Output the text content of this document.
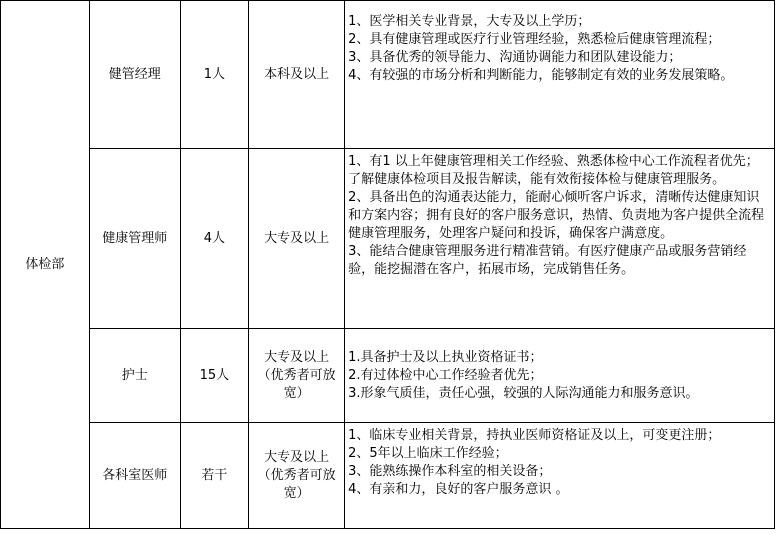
体检部	健管经理	1人	本科及以上	1、医学相关专业背景，大专及以上学历；
2、具有健康管理或医疗行业管理经验，熟悉检后健康管理流程；
3、具备优秀的领导能力、沟通协调能力和团队建设能力；
4、有较强的市场分析和判断能力，能够制定有效的业务发展策略。

	健康管理师	4人	大专及以上	1、有1 以上年健康管理相关工作经验、熟悉体检中心工作流程者优先；了解健康体检项目及报告解读，能有效衔接体检与健康管理服务。
2、具备出色的沟通表达能力，能耐心倾听客户诉求，清晰传达健康知识和方案内容；拥有良好的客户服务意识，热情、负责地为客户提供全流程健康管理服务，处理客户疑问和投诉，确保客户满意度。
3、能结合健康管理服务进行精准营销。有医疗健康产品或服务营销经验，能挖掘潜在客户，拓展市场，完成销售任务。

	护士	15人	大专及以上（优秀者可放宽）	1.具备护士及以上执业资格证书；
2.有过体检中心工作经验者优先；
3.形象气质佳，责任心强，较强的人际沟通能力和服务意识。

	各科室医师	若干	大专及以上（优秀者可放宽）	1、临床专业相关背景，持执业医师资格证及以上，可变更注册；
2、5年以上临床工作经验；
3、能熟练操作本科室的相关设备；
4、有亲和力，良好的客户服务意识 。
